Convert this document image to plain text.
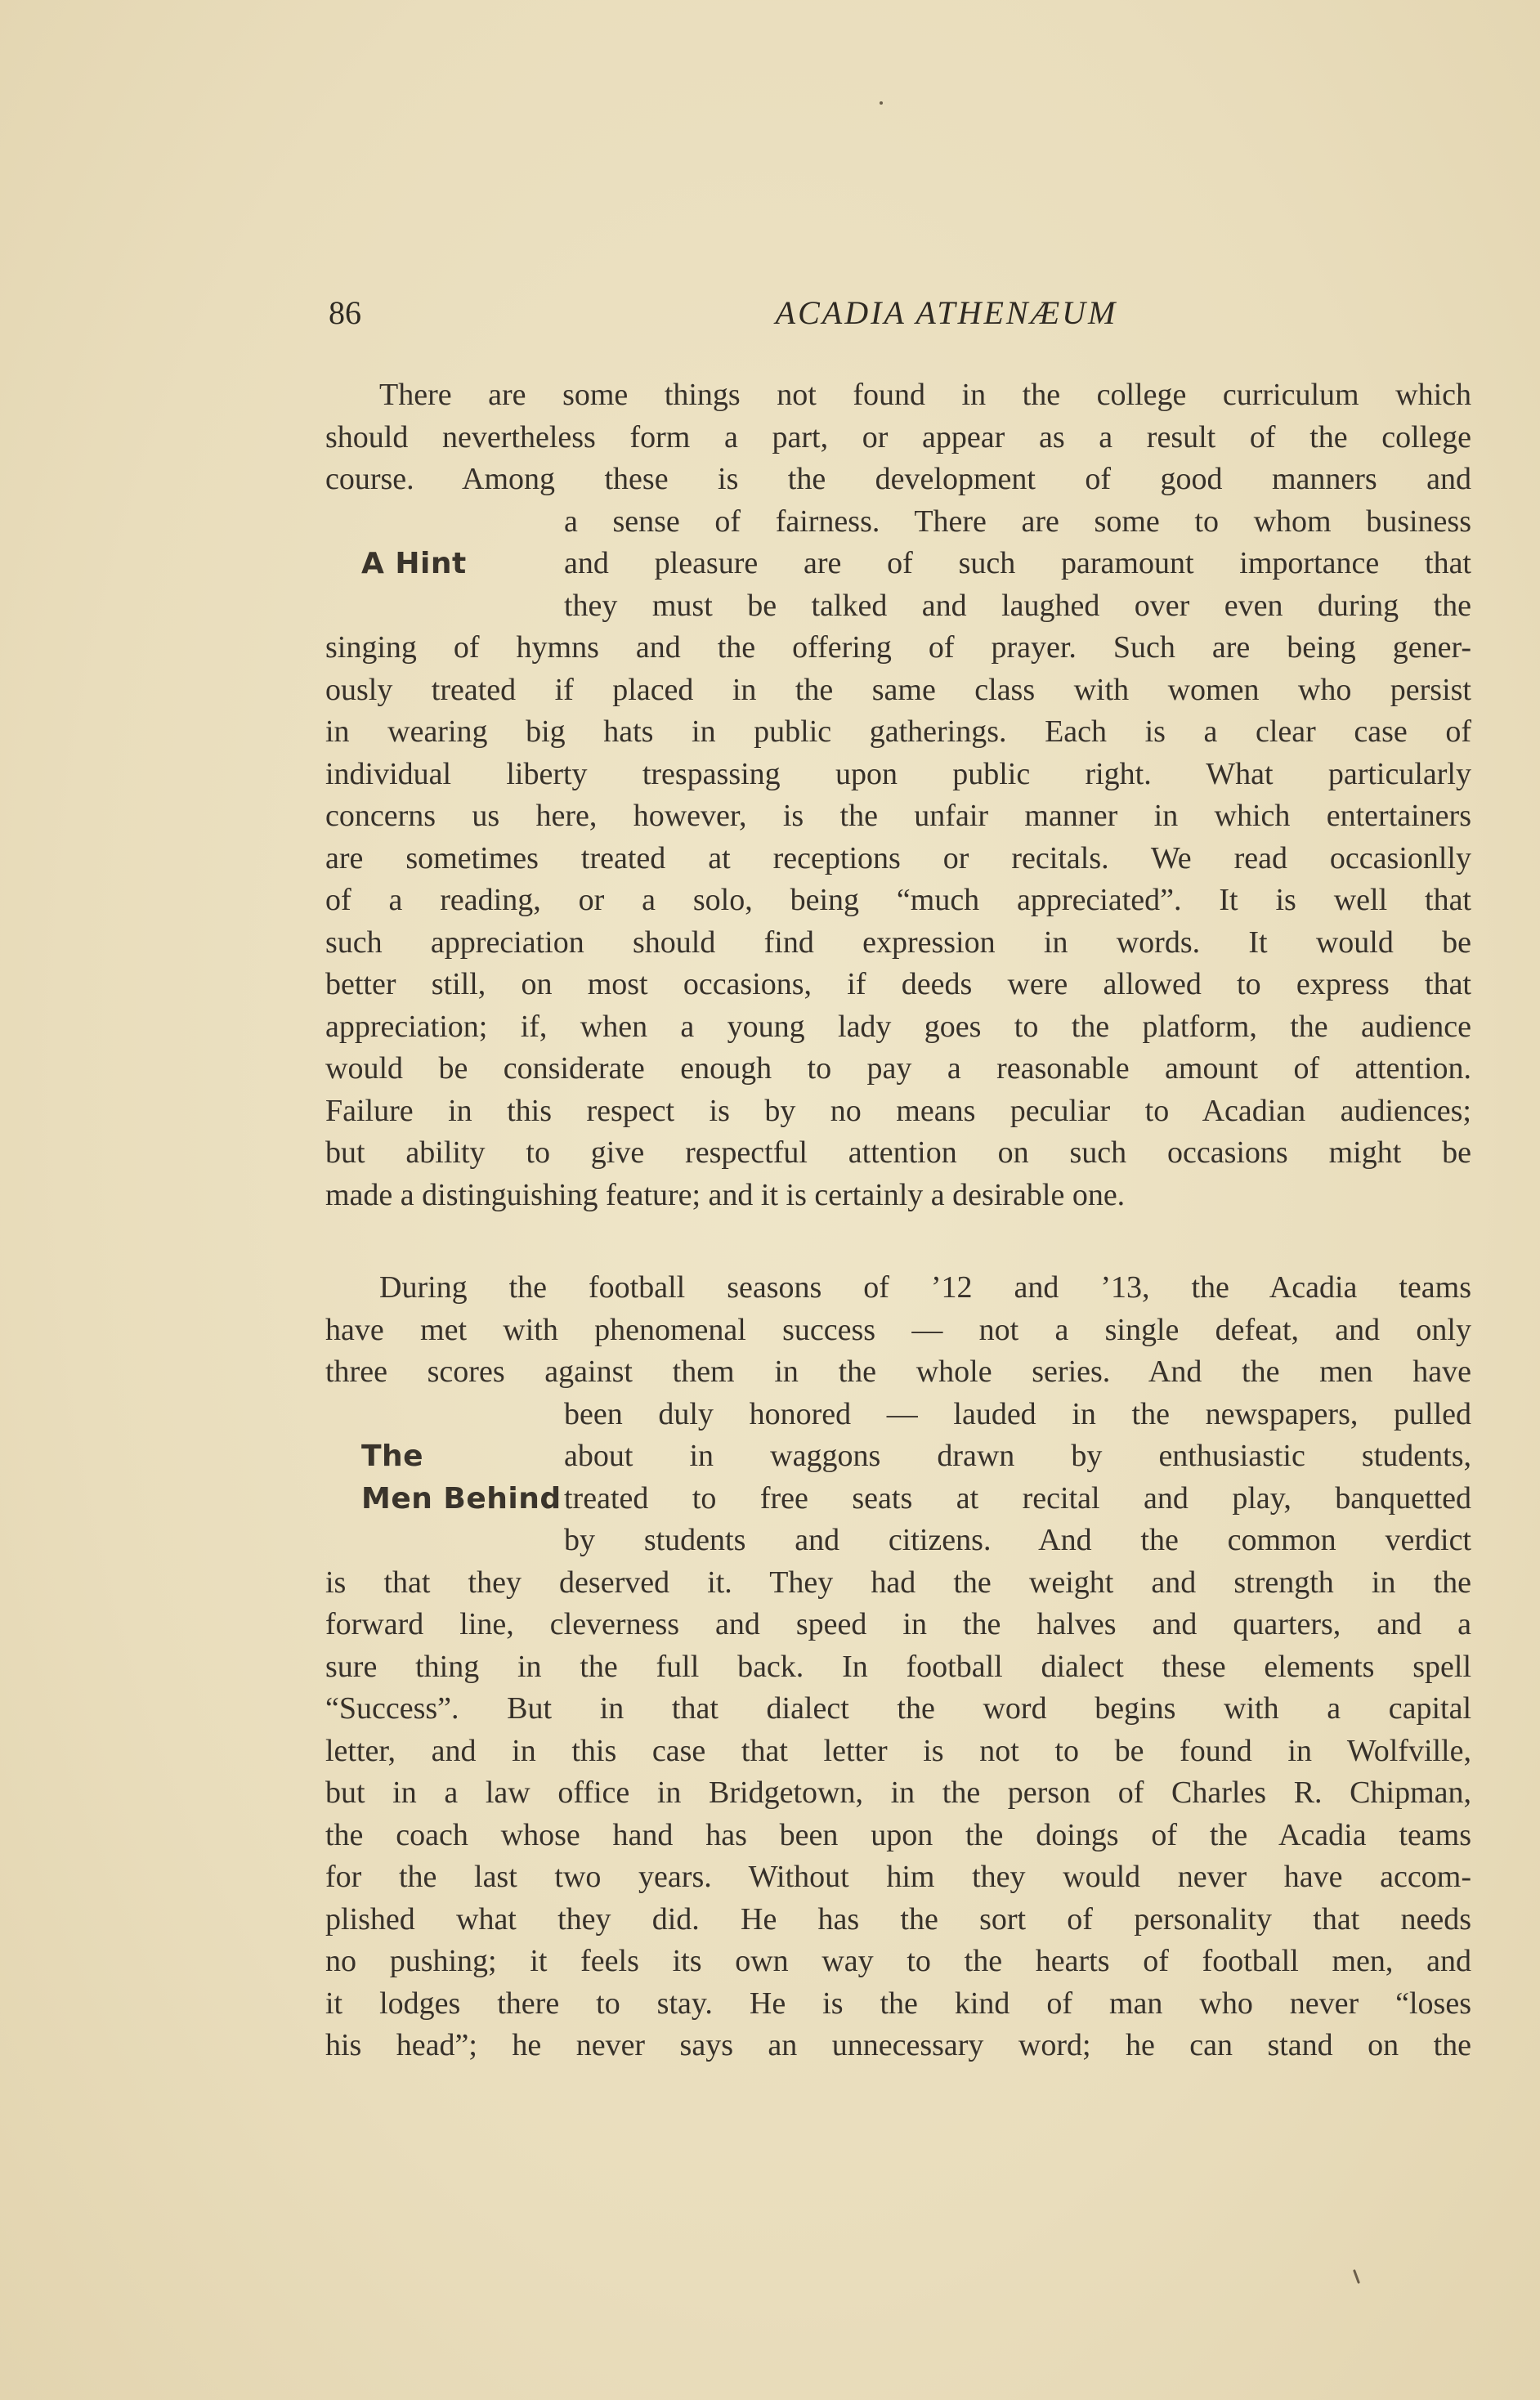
86	ACADIA ATHENÆUM
There are some things not found in the college curriculum which
should nevertheless form a part, or appear as a result of the college
course. Among these is the development of good manners and
a sense of fairness. There are some to whom business
A Hint	and pleasure are of such paramount importance that
they must be talked and laughed over even during the
singing of hymns and the offering of prayer. Such are being gener-
ously treated if placed in the same class with women who persist
in wearing big hats in public gatherings. Each is a clear case of
individual liberty trespassing upon public right. What particularly
concerns us here, however, is the unfair manner in which entertainers
are sometimes treated at receptions or recitals. We read occasionlly
of a reading, or a solo, being “much appreciated”. It is well that
such appreciation should find expression in words. It would be
better still, on most occasions, if deeds were allowed to express that
appreciation; if, when a young lady goes to the platform, the audience
would be considerate enough to pay a reasonable amount of attention.
Failure in this respect is by no means peculiar to Acadian audiences;
but ability to give respectful attention on such occasions might be
made a distinguishing feature; and it is certainly a desirable one.
During the football seasons of ’12 and ’13, the Acadia teams
have met with phenomenal success — not a single defeat, and only
three scores against them in the whole series. And the men have
been duly honored — lauded in the newspapers, pulled
The	about in waggons drawn by enthusiastic students,
Men Behind treated to free seats at recital and play, banquetted
by students and citizens. And the common verdict
is that they deserved it. They had the weight and strength in the
forward line, cleverness and speed in the halves and quarters, and a
sure thing in the full back. In football dialect these elements spell
“Success”. But in that dialect the word begins with a capital
letter, and in this case that letter is not to be found in Wolfville,
but in a law office in Bridgetown, in the person of Charles R. Chipman,
the coach whose hand has been upon the doings of the Acadia teams
for the last two years. Without him they would never have accom-
plished what they did. He has the sort of personality that needs
no pushing; it feels its own way to the hearts of football men, and
it lodges there to stay. He is the kind of man who never “loses
his head”; he never says an unnecessary word; he can stand on the
